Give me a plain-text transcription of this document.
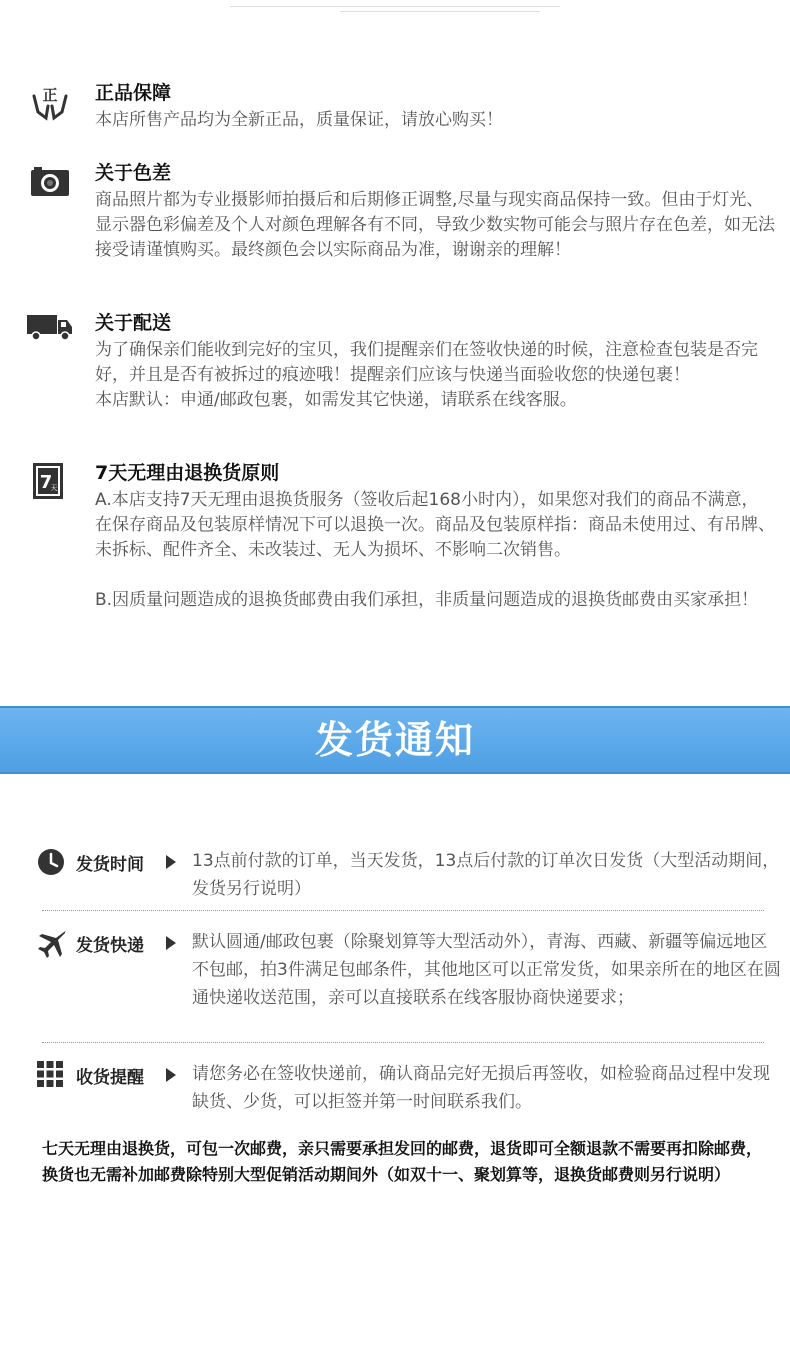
正 正品保障

本店所售产品均为全新正品，质量保证，请放心购买！

关于色差

商品照片都为专业摄影师拍摄后和后期修正调整,尽量与现实商品保持一致。但由于灯光、显示器色彩偏差及个人对颜色理解各有不同，导致少数实物可能会与照片存在色差，如无法接受请谨慎购买。最终颜色会以实际商品为准，谢谢亲的理解！

关于配送

为了确保亲们能收到完好的宝贝，我们提醒亲们在签收快递的时候，注意检查包装是否完好，并且是否有被拆过的痕迹哦！提醒亲们应该与快递当面验收您的快递包裹！

本店默认：申通/邮政包裹，如需发其它快递，请联系在线客服。

7
天
7天无理由退换货原则

A.本店支持7天无理由退换货服务（签收后起168小时内），如果您对我们的商品不满意，在保存商品及包装原样情况下可以退换一次。商品及包装原样指：商品未使用过、有吊牌、未拆标、配件齐全、未改装过、无人为损坏、不影响二次销售。

B.因质量问题造成的退换货邮费由我们承担，非质量问题造成的退换货邮费由买家承担！

发货通知
发货时间	13点前付款的订单，当天发货，13点后付款的订单次日发货（大型活动期间，发货另行说明）
发货快递	默认圆通/邮政包裹（除聚划算等大型活动外），青海、西藏、新疆等偏远地区不包邮，拍3件满足包邮条件，其他地区可以正常发货，如果亲所在的地区在圆通快递收送范围，亲可以直接联系在线客服协商快递要求；
收货提醒	请您务必在签收快递前，确认商品完好无损后再签收，如检验商品过程中发现缺货、少货，可以拒签并第一时间联系我们。
七天无理由退换货，可包一次邮费，亲只需要承担发回的邮费，退货即可全额退款不需要再扣除邮费，换货也无需补加邮费除特别大型促销活动期间外（如双十一、聚划算等，退换货邮费则另行说明）
